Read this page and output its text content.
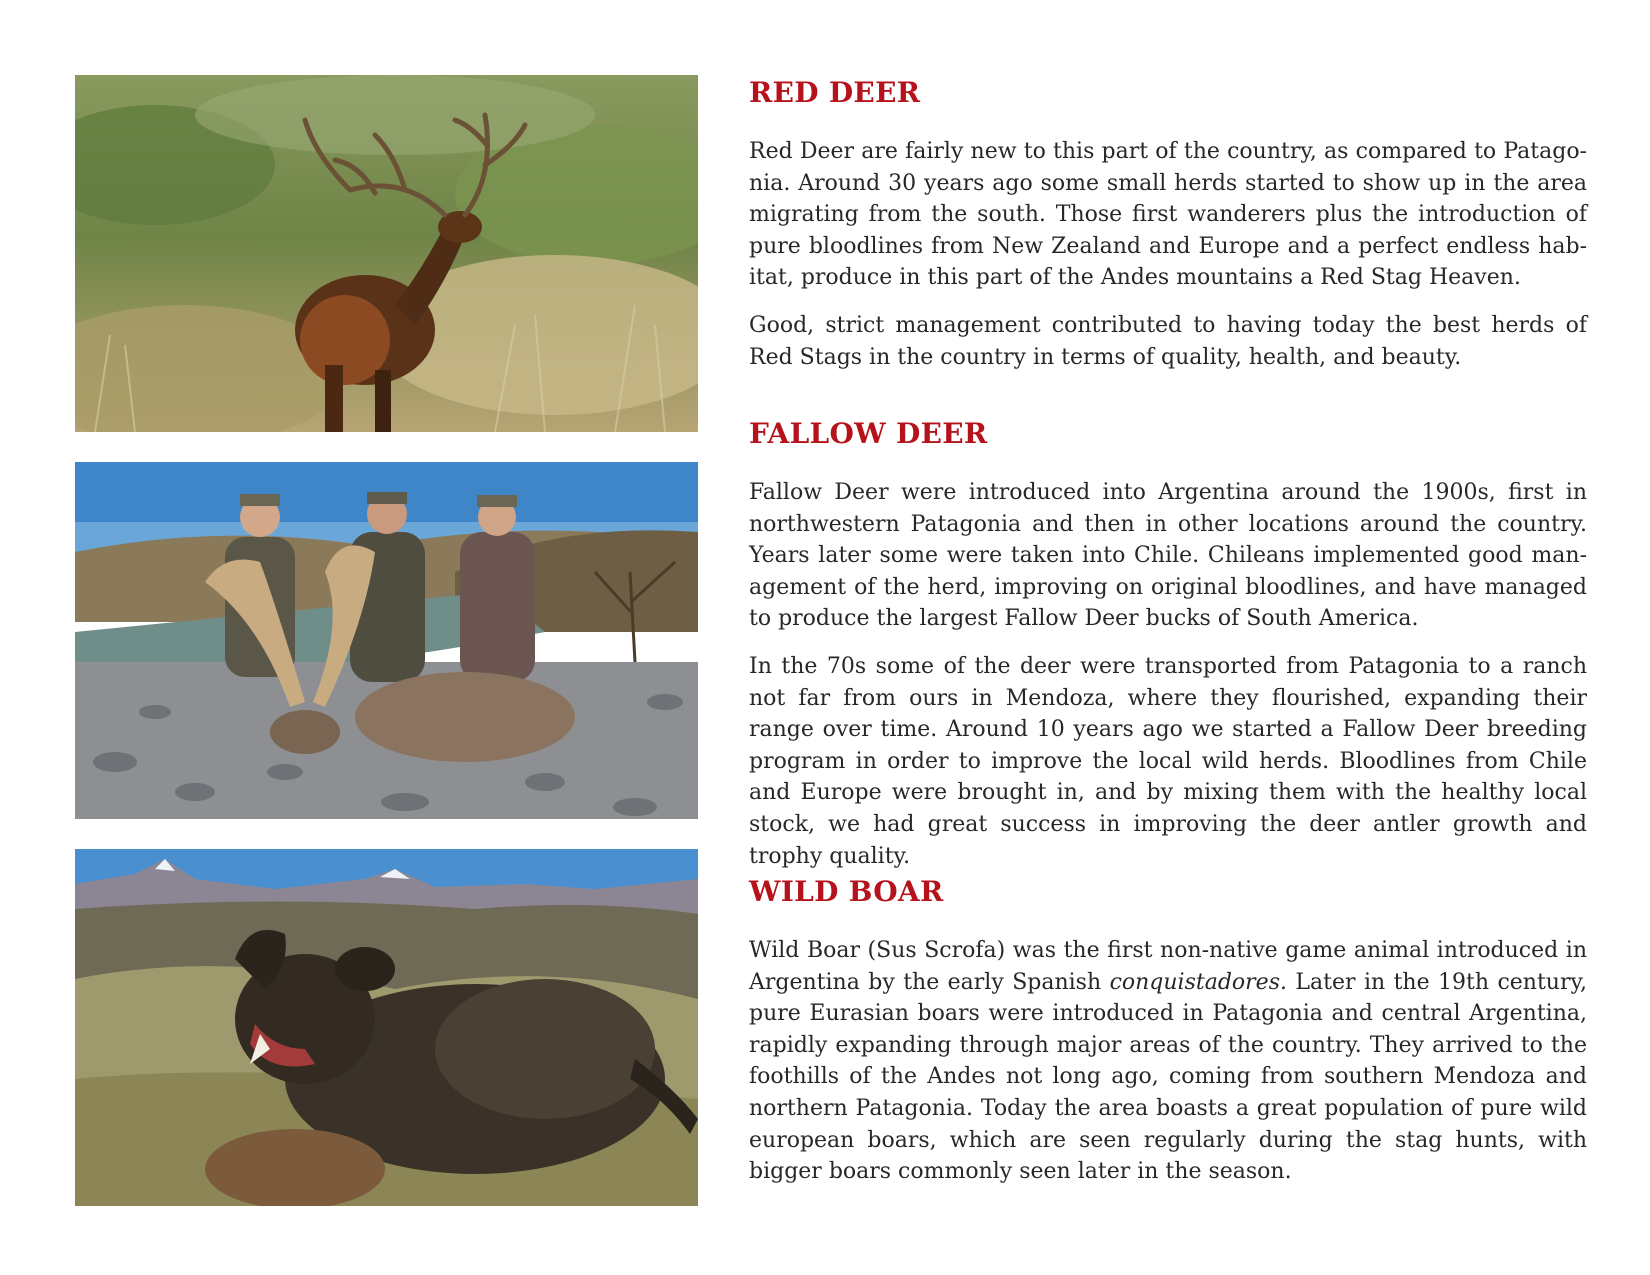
RED DEER

Red Deer are fairly new to this part of the country, as compared to Patago-nia. Around 30 years ago some small herds started to show up in the area migrating from the south. Those first wanderers plus the introduction of pure bloodlines from New Zealand and Europe and a perfect endless hab-itat, produce in this part of the Andes mountains a Red Stag Heaven.

Good, strict management contributed to having today the best herds of Red Stags in the country in terms of quality, health, and beauty.

FALLOW DEER

Fallow Deer were introduced into Argentina around the 1900s, first in northwestern Patagonia and then in other locations around the country. Years later some were taken into Chile. Chileans implemented good man-agement of the herd, improving on original bloodlines, and have managed to produce the largest Fallow Deer bucks of South America.

In the 70s some of the deer were transported from Patagonia to a ranch not far from ours in Mendoza, where they flourished, expanding their range over time. Around 10 years ago we started a Fallow Deer breeding program in order to improve the local wild herds. Bloodlines from Chile and Europe were brought in, and by mixing them with the healthy local stock, we had great success in improving the deer antler growth and trophy quality.

WILD BOAR

Wild Boar (Sus Scrofa) was the first non-native game animal introduced in Argentina by the early Spanish conquistadores. Later in the 19th century, pure Eurasian boars were introduced in Patagonia and central Argentina, rapidly expanding through major areas of the country. They arrived to the foothills of the Andes not long ago, coming from southern Mendoza and northern Patagonia. Today the area boasts a great population of pure wild european boars, which are seen regularly during the stag hunts, with bigger boars commonly seen later in the season.
